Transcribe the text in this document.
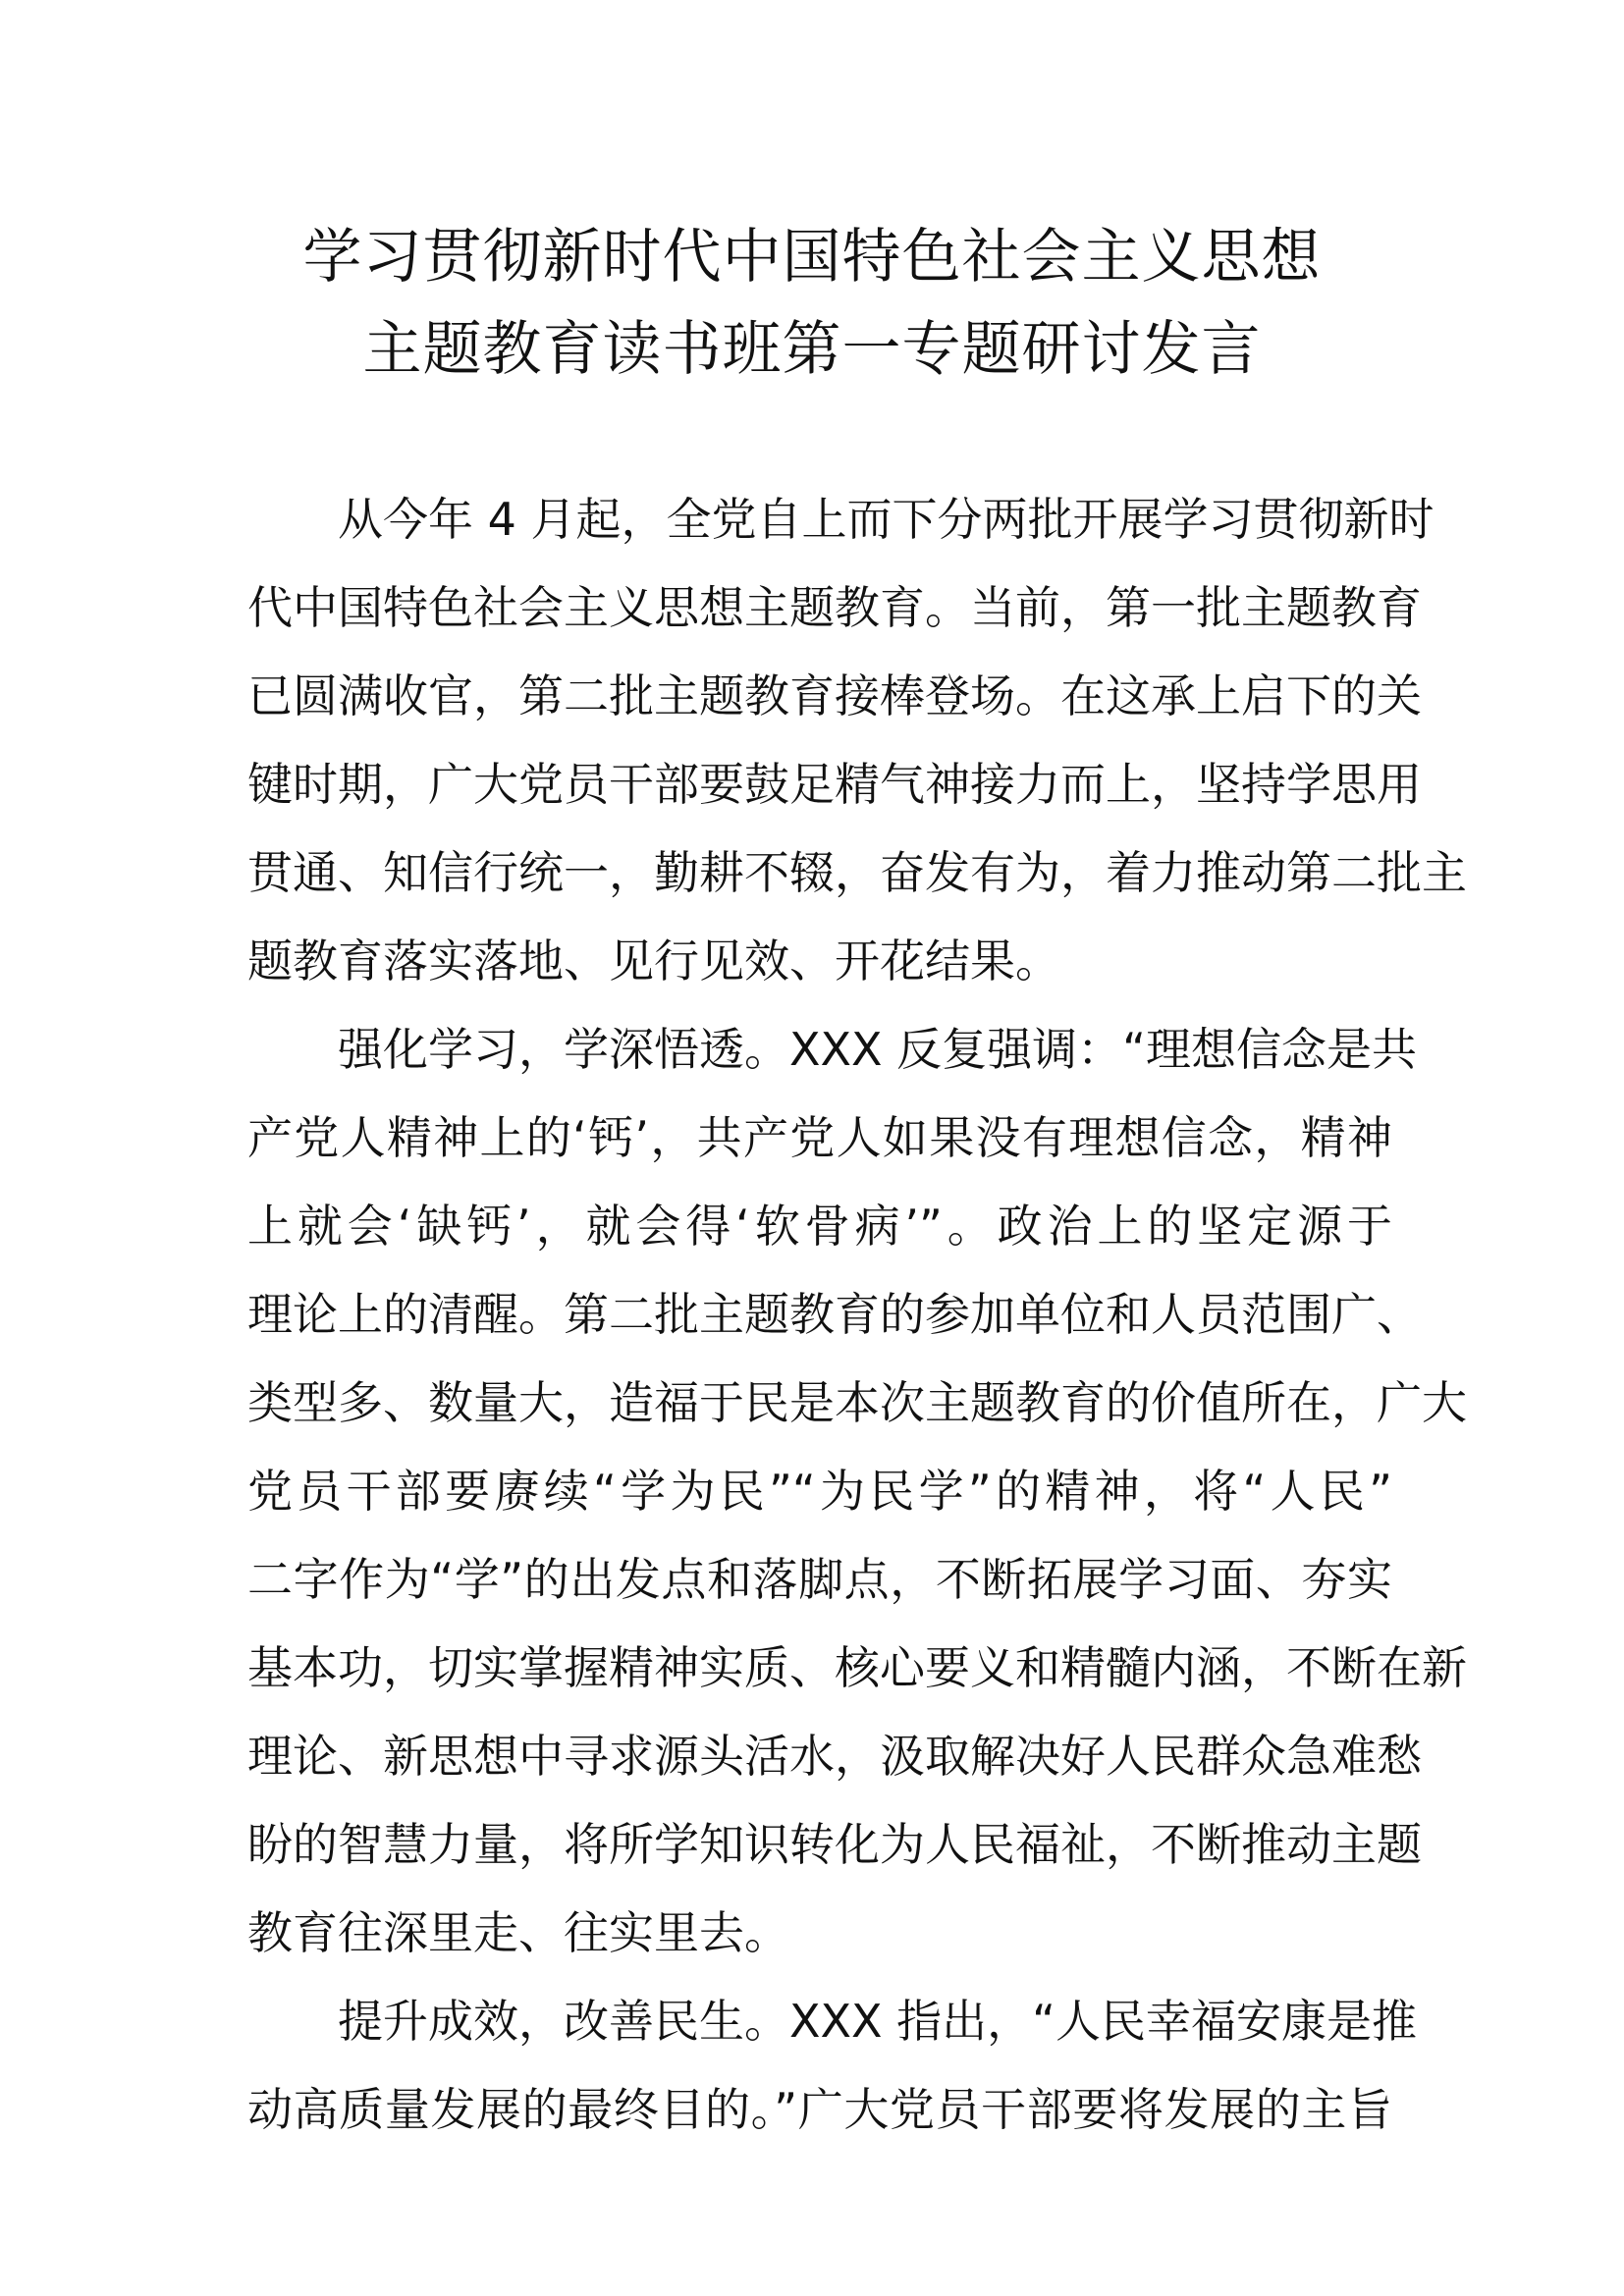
学习贯彻新时代中国特色社会主义思想
主题教育读书班第一专题研讨发言
从今年 4 月起，全党自上而下分两批开展学习贯彻新时
代中国特色社会主义思想主题教育。当前，第一批主题教育
已圆满收官，第二批主题教育接棒登场。在这承上启下的关
键时期，广大党员干部要鼓足精气神接力而上，坚持学思用
贯通、知信行统一，勤耕不辍，奋发有为，着力推动第二批主
题教育落实落地、见行见效、开花结果。
强化学习，学深悟透。XXX 反复强调：“理想信念是共
产党人精神上的‘钙’，共产党人如果没有理想信念，精神
上就会‘缺钙’，就会得‘软骨病’”。政治上的坚定源于
理论上的清醒。第二批主题教育的参加单位和人员范围广、
类型多、数量大，造福于民是本次主题教育的价值所在，广大
党员干部要赓续“学为民”“为民学”的精神，将“人民”
二字作为“学”的出发点和落脚点，不断拓展学习面、夯实
基本功，切实掌握精神实质、核心要义和精髓内涵，不断在新
理论、新思想中寻求源头活水，汲取解决好人民群众急难愁
盼的智慧力量，将所学知识转化为人民福祉，不断推动主题
教育往深里走、往实里去。
提升成效，改善民生。XXX 指出，“人民幸福安康是推
动高质量发展的最终目的。”广大党员干部要将发展的主旨
